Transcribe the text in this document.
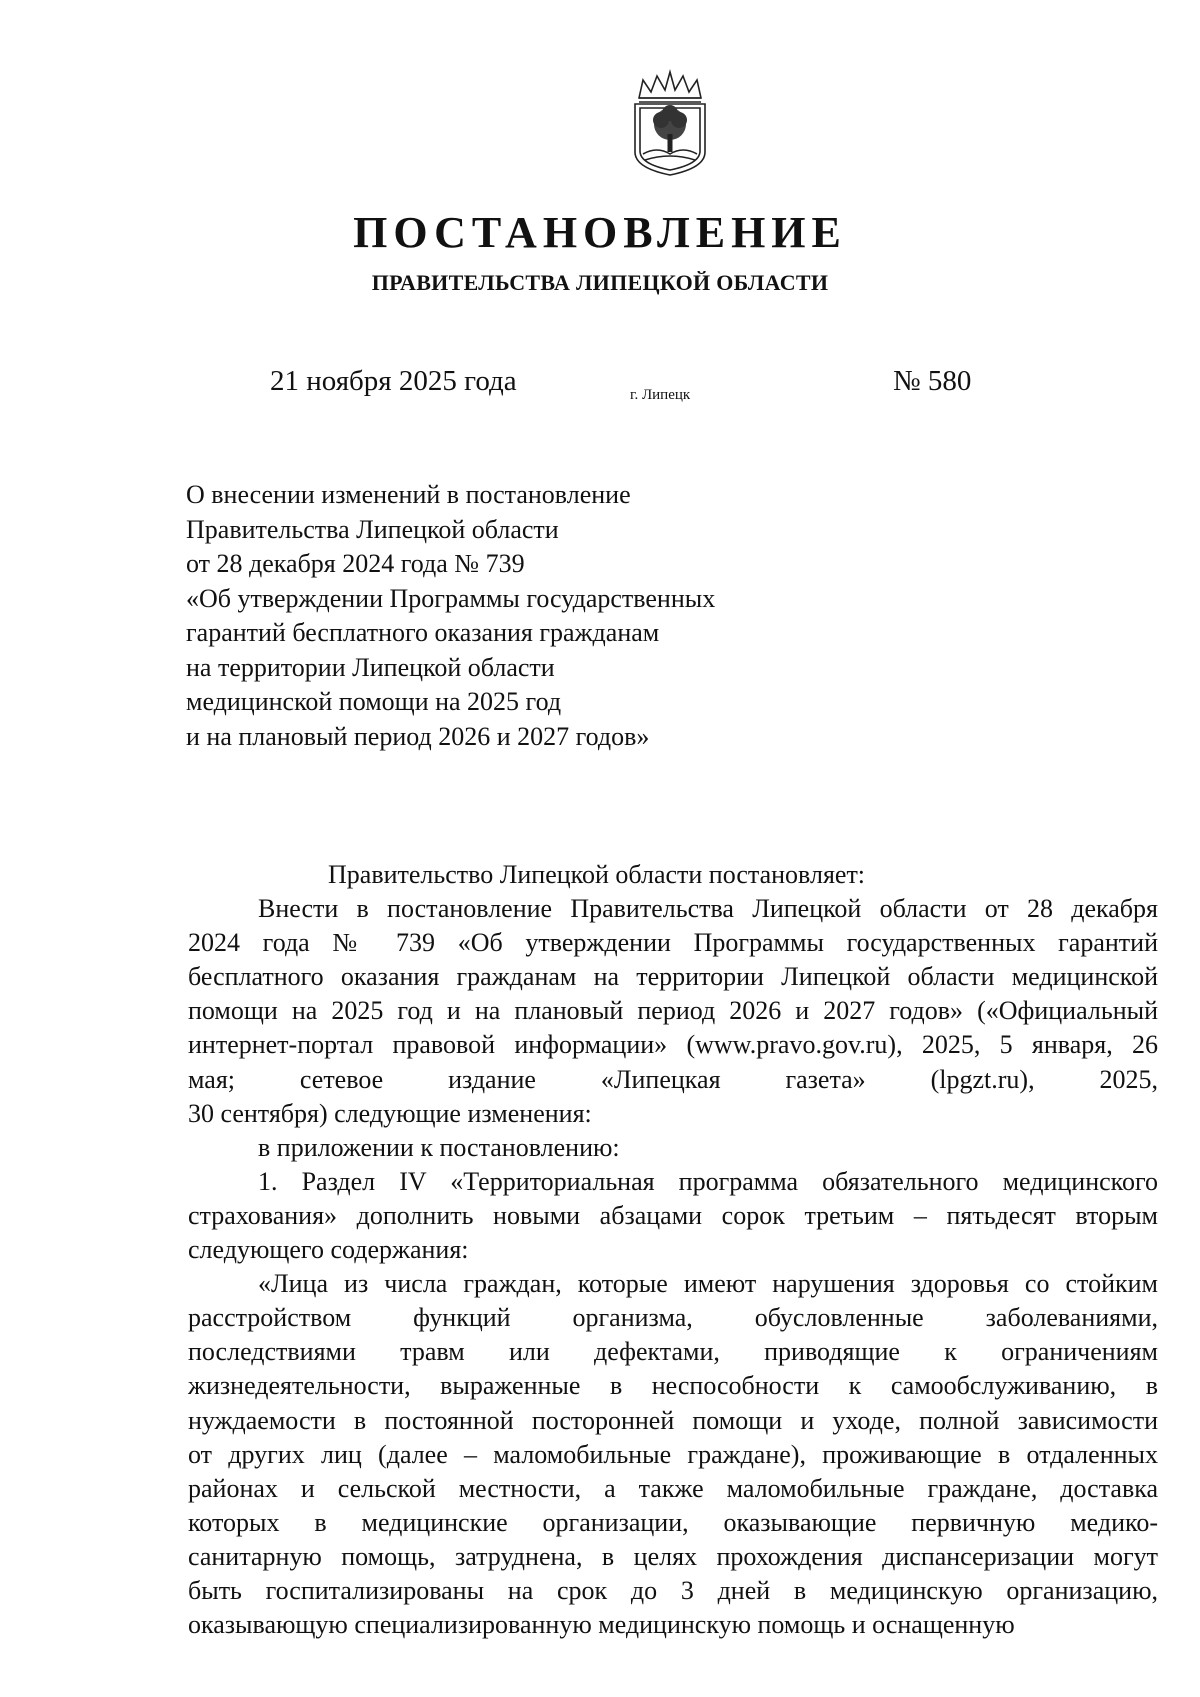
ПОСТАНОВЛЕНИЕ
ПРАВИТЕЛЬСТВА ЛИПЕЦКОЙ ОБЛАСТИ
21 ноября 2025 года	г. Липецк	№ 580
О внесении изменений в постановление
Правительства Липецкой области
от 28 декабря 2024 года № 739
«Об утверждении Программы государственных
гарантий бесплатного оказания гражданам
на территории Липецкой области
медицинской помощи на 2025 год
и на плановый период 2026 и 2027 годов»
Правительство Липецкой области постановляет:
Внести в постановление Правительства Липецкой области от 28 декабря
2024 года № 739 «Об утверждении Программы государственных гарантий
бесплатного оказания гражданам на территории Липецкой области медицинской
помощи на 2025 год и на плановый период 2026 и 2027 годов» («Официальный
интернет-портал правовой информации» (www.pravo.gov.ru), 2025, 5 января, 26
мая; сетевое издание «Липецкая газета» (lpgzt.ru), 2025,
30 сентября) следующие изменения:
в приложении к постановлению:
1. Раздел IV «Территориальная программа обязательного медицинского
страхования» дополнить новыми абзацами сорок третьим – пятьдесят вторым
следующего содержания:
«Лица из числа граждан, которые имеют нарушения здоровья со стойким
расстройством функций организма, обусловленные заболеваниями,
последствиями травм или дефектами, приводящие к ограничениям
жизнедеятельности, выраженные в неспособности к самообслуживанию, в
нуждаемости в постоянной посторонней помощи и уходе, полной зависимости
от других лиц (далее – маломобильные граждане), проживающие в отдаленных
районах и сельской местности, а также маломобильные граждане, доставка
которых в медицинские организации, оказывающие первичную медико-
санитарную помощь, затруднена, в целях прохождения диспансеризации могут
быть госпитализированы на срок до 3 дней в медицинскую организацию,
оказывающую специализированную медицинскую помощь и оснащенную
